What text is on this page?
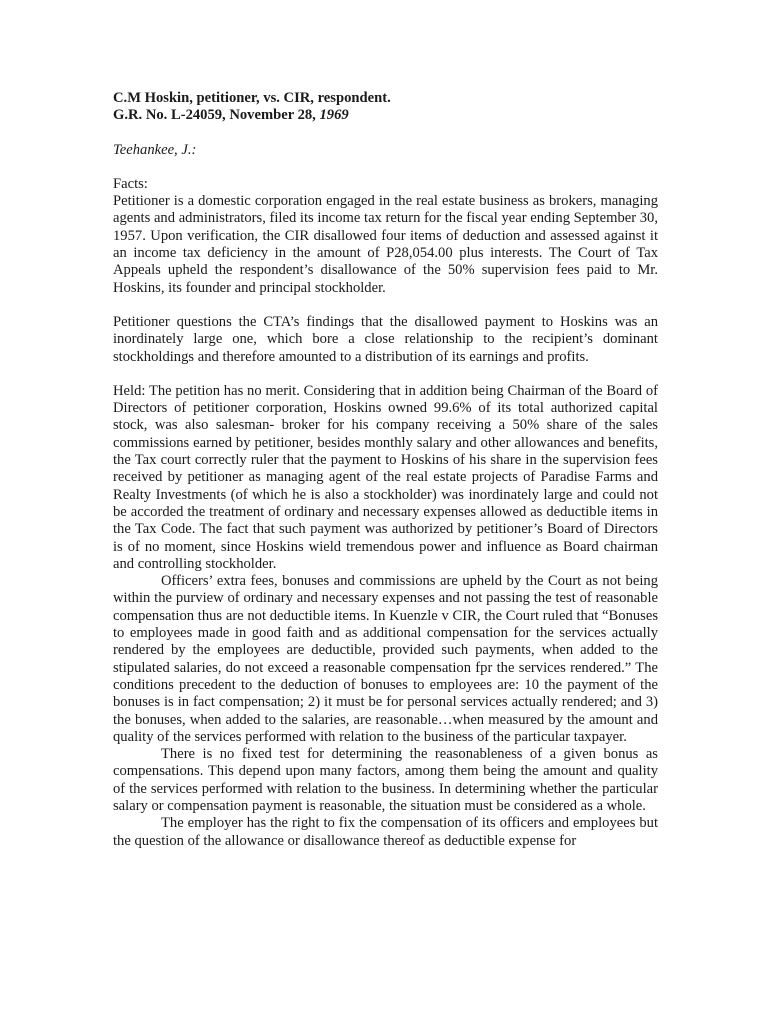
C.M Hoskin, petitioner, vs. CIR, respondent.

G.R. No. L-24059, November 28, 1969

Teehankee, J.:

Facts:

Petitioner is a domestic corporation engaged in the real estate business as brokers, managing agents and administrators, filed its income tax return for the fiscal year ending September 30, 1957. Upon verification, the CIR disallowed four items of deduction and assessed against it an income tax deficiency in the amount of P28,054.00 plus interests. The Court of Tax Appeals upheld the respondent’s disallowance of the 50% supervision fees paid to Mr. Hoskins, its founder and principal stockholder.

Petitioner questions the CTA’s findings that the disallowed payment to Hoskins was an inordinately large one, which bore a close relationship to the recipient’s dominant stockholdings and therefore amounted to a distribution of its earnings and profits.

Held: The petition has no merit. Considering that in addition being Chairman of the Board of Directors of petitioner corporation, Hoskins owned 99.6% of its total authorized capital stock, was also salesman- broker for his company receiving a 50% share of the sales commissions earned by petitioner, besides monthly salary and other allowances and benefits, the Tax court correctly ruler that the payment to Hoskins of his share in the supervision fees received by petitioner as managing agent of the real estate projects of Paradise Farms and Realty Investments (of which he is also a stockholder) was inordinately large and could not be accorded the treatment of ordinary and necessary expenses allowed as deductible items in the Tax Code. The fact that such payment was authorized by petitioner’s Board of Directors is of no moment, since Hoskins wield tremendous power and influence as Board chairman and controlling stockholder.

Officers’ extra fees, bonuses and commissions are upheld by the Court as not being within the purview of ordinary and necessary expenses and not passing the test of reasonable compensation thus are not deductible items. In Kuenzle v CIR, the Court ruled that “Bonuses to employees made in good faith and as additional compensation for the services actually rendered by the employees are deductible, provided such payments, when added to the stipulated salaries, do not exceed a reasonable compensation fpr the services rendered.” The conditions precedent to the deduction of bonuses to employees are: 10 the payment of the bonuses is in fact compensation; 2) it must be for personal services actually rendered; and 3) the bonuses, when added to the salaries, are reasonable…when measured by the amount and quality of the services performed with relation to the business of the particular taxpayer.

There is no fixed test for determining the reasonableness of a given bonus as compensations. This depend upon many factors, among them being the amount and quality of the services performed with relation to the business. In determining whether the particular salary or compensation payment is reasonable, the situation must be considered as a whole.

The employer has the right to fix the compensation of its officers and employees but the question of the allowance or disallowance thereof as deductible expense for
